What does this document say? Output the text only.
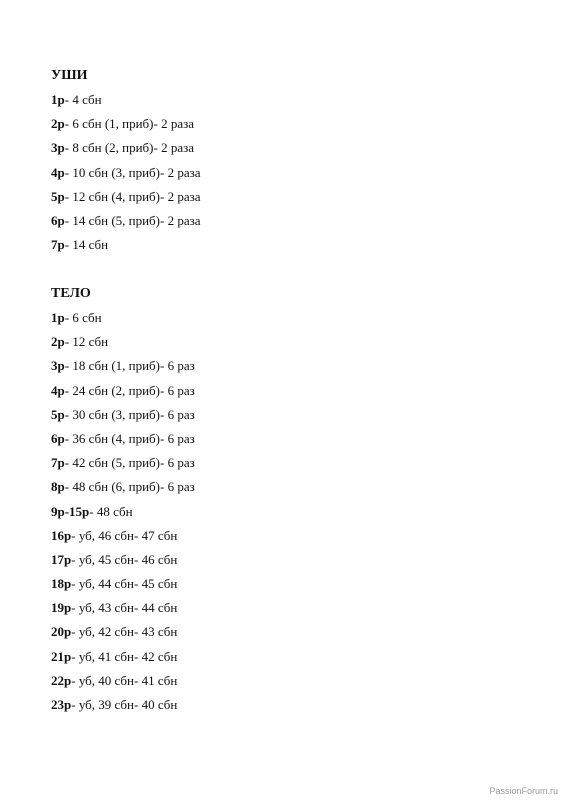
УШИ
1р- 4 сбн
2р- 6 сбн (1, приб)- 2 раза
3р- 8 сбн (2, приб)- 2 раза
4р- 10 сбн (3, приб)- 2 раза
5р- 12 сбн (4, приб)- 2 раза
6р- 14 сбн (5, приб)- 2 раза
7р- 14 сбн
ТЕЛО
1р- 6 сбн
2р- 12 сбн
3р- 18 сбн (1, приб)- 6 раз
4р- 24 сбн (2, приб)- 6 раз
5р- 30 сбн (3, приб)- 6 раз
6р- 36 сбн (4, приб)- 6 раз
7р- 42 сбн (5, приб)- 6 раз
8р- 48 сбн (6, приб)- 6 раз
9р-15р- 48 сбн
16р- уб, 46 сбн- 47 сбн
17р- уб, 45 сбн- 46 сбн
18р- уб, 44 сбн- 45 сбн
19р- уб, 43 сбн- 44 сбн
20р- уб, 42 сбн- 43 сбн
21р- уб, 41 сбн- 42 сбн
22р- уб, 40 сбн- 41 сбн
23р- уб, 39 сбн- 40 сбн
PassionForum.ru
